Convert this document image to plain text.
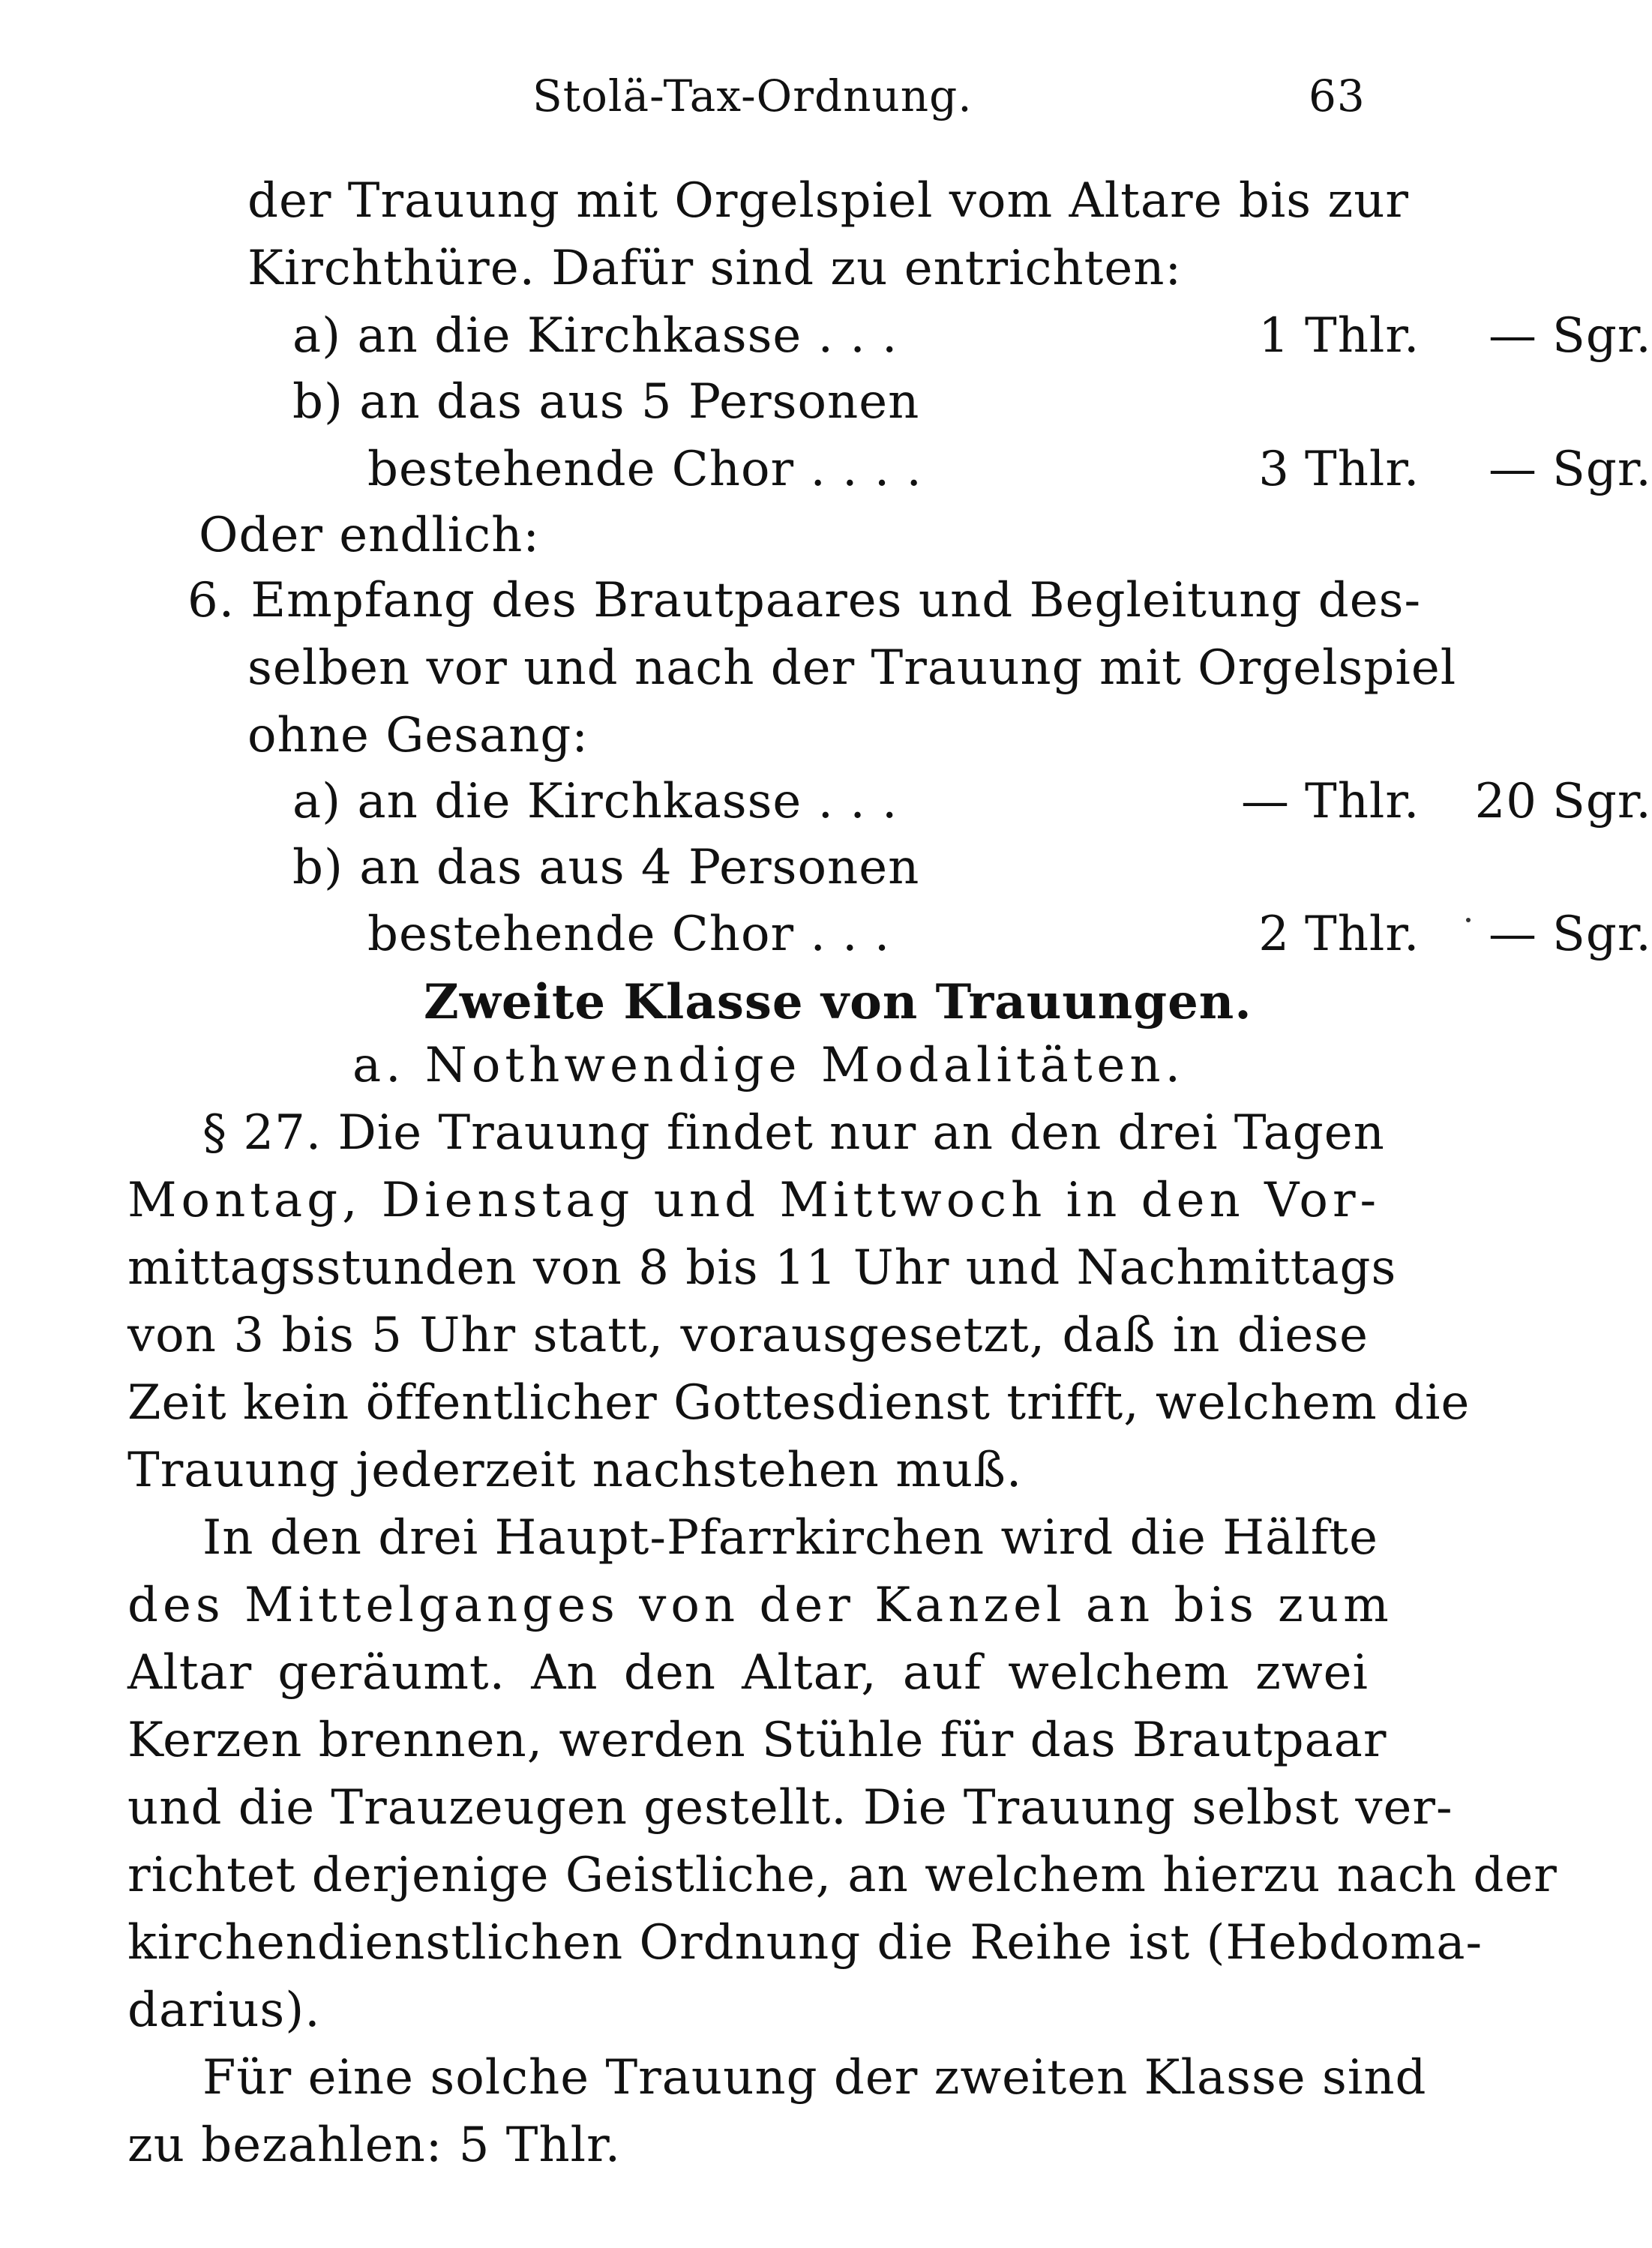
Stolä-Tax-Ordnung.	63
der Trauung mit Orgelspiel vom Altare bis zur
Kirchthüre. Dafür sind zu entrichten:
a) an die Kirchkasse . . .	1 Thlr.	— Sgr.
b) an das aus 5 Personen
bestehende Chor . . . .	3 Thlr.	— Sgr.
Oder endlich:
6. Empfang des Brautpaares und Begleitung des-
selben vor und nach der Trauung mit Orgelspiel
ohne Gesang:
a) an die Kirchkasse . . .	— Thlr.	20 Sgr.
b) an das aus 4 Personen
bestehende Chor . . .	2 Thlr.	— Sgr.
Zweite Klasse von Trauungen.
a. Nothwendige Modalitäten.
§ 27. Die Trauung findet nur an den drei Tagen
Montag, Dienstag und Mittwoch in den Vor-
mittagsstunden von 8 bis 11 Uhr und Nachmittags
von 3 bis 5 Uhr statt, vorausgesetzt, daß in diese
Zeit kein öffentlicher Gottesdienst trifft, welchem die
Trauung jederzeit nachstehen muß.
In den drei Haupt-Pfarrkirchen wird die Hälfte
des Mittelganges von der Kanzel an bis zum
Altar geräumt. An den Altar, auf welchem zwei
Kerzen brennen, werden Stühle für das Brautpaar
und die Trauzeugen gestellt. Die Trauung selbst ver-
richtet derjenige Geistliche, an welchem hierzu nach der
kirchendienstlichen Ordnung die Reihe ist (Hebdoma-
darius).
Für eine solche Trauung der zweiten Klasse sind
zu bezahlen: 5 Thlr.
